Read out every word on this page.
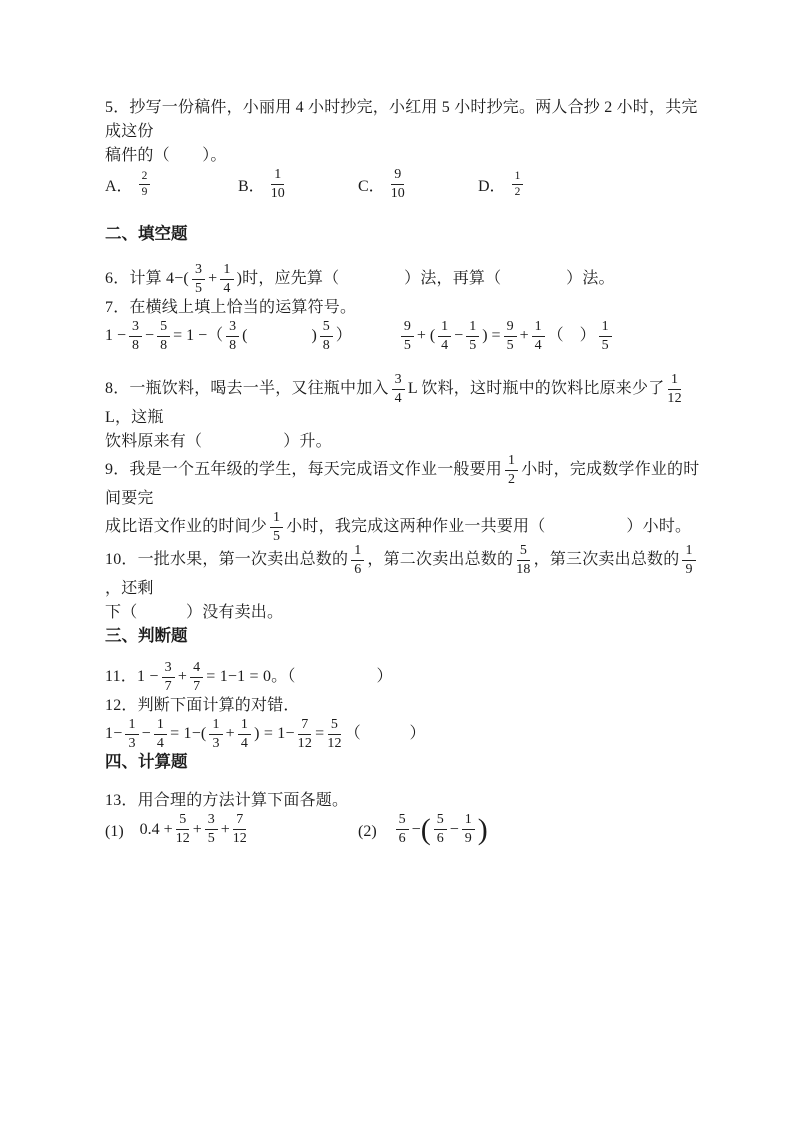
5．抄写一份稿件，小丽用 4 小时抄完，小红用 5 小时抄完。两人合抄 2 小时，共完成这份

稿件的（　　）。

A． $\frac{2}{9}$	B． $\frac{1}{10}$	C． $\frac{9}{10}$	D． $\frac{1}{2}$
二、填空题

6．计算 $4-( \frac{3}{5} + \frac{1}{4}$ )时，应先算（　　　　）法，再算（　　　　）法。

7．在横线上填上恰当的运算符号。

$1 - \frac{3}{8} - \frac{5}{8} = 1$ −（ $\frac{3}{8}$ (　　　　) $\frac{5}{8}$ ）	$\frac{9}{5}$ + ( $\frac{1}{4} - \frac{1}{5}$ ) = $\frac{9}{5} + \frac{1}{4}$ （　） $\frac{1}{5}$

8．一瓶饮料，喝去一半，又往瓶中加入 $\frac{3}{4}$ L 饮料，这时瓶中的饮料比原来少了 $\frac{1}{12}$
L，这瓶

饮料原来有（　　　　　）升。

9．我是一个五年级的学生，每天完成语文作业一般要用 $\frac{1}{2}$ 小时，完成数学作业的时间要完

成比语文作业的时间少 $\frac{1}{5}$ 小时，我完成这两种作业一共要用（　　　　　）小时。

10．一批水果，第一次卖出总数的 $\frac{1}{6}$ ，第二次卖出总数的 $\frac{5}{18}$ ，第三次卖出总数的 $\frac{1}{9}$
，还剩

下（　　　）没有卖出。

三、判断题

11．$1 - \frac{3}{7} + \frac{4}{7} = 1-1 = 0$。（　　　　　）

12．判断下面计算的对错．

$1- \frac{1}{3} - \frac{1}{4} = 1-( \frac{1}{3} + \frac{1}{4}$ ) = $1- \frac{7}{12} = \frac{5}{12}$ （　　　）

四、计算题

13．用合理的方法计算下面各题。

(1)　 $0.4 + \frac{5}{12} + \frac{3}{5} + \frac{7}{12}$	(2)　 $\frac{5}{6}$ − ( $\frac{5}{6} - \frac{1}{9}$ )
